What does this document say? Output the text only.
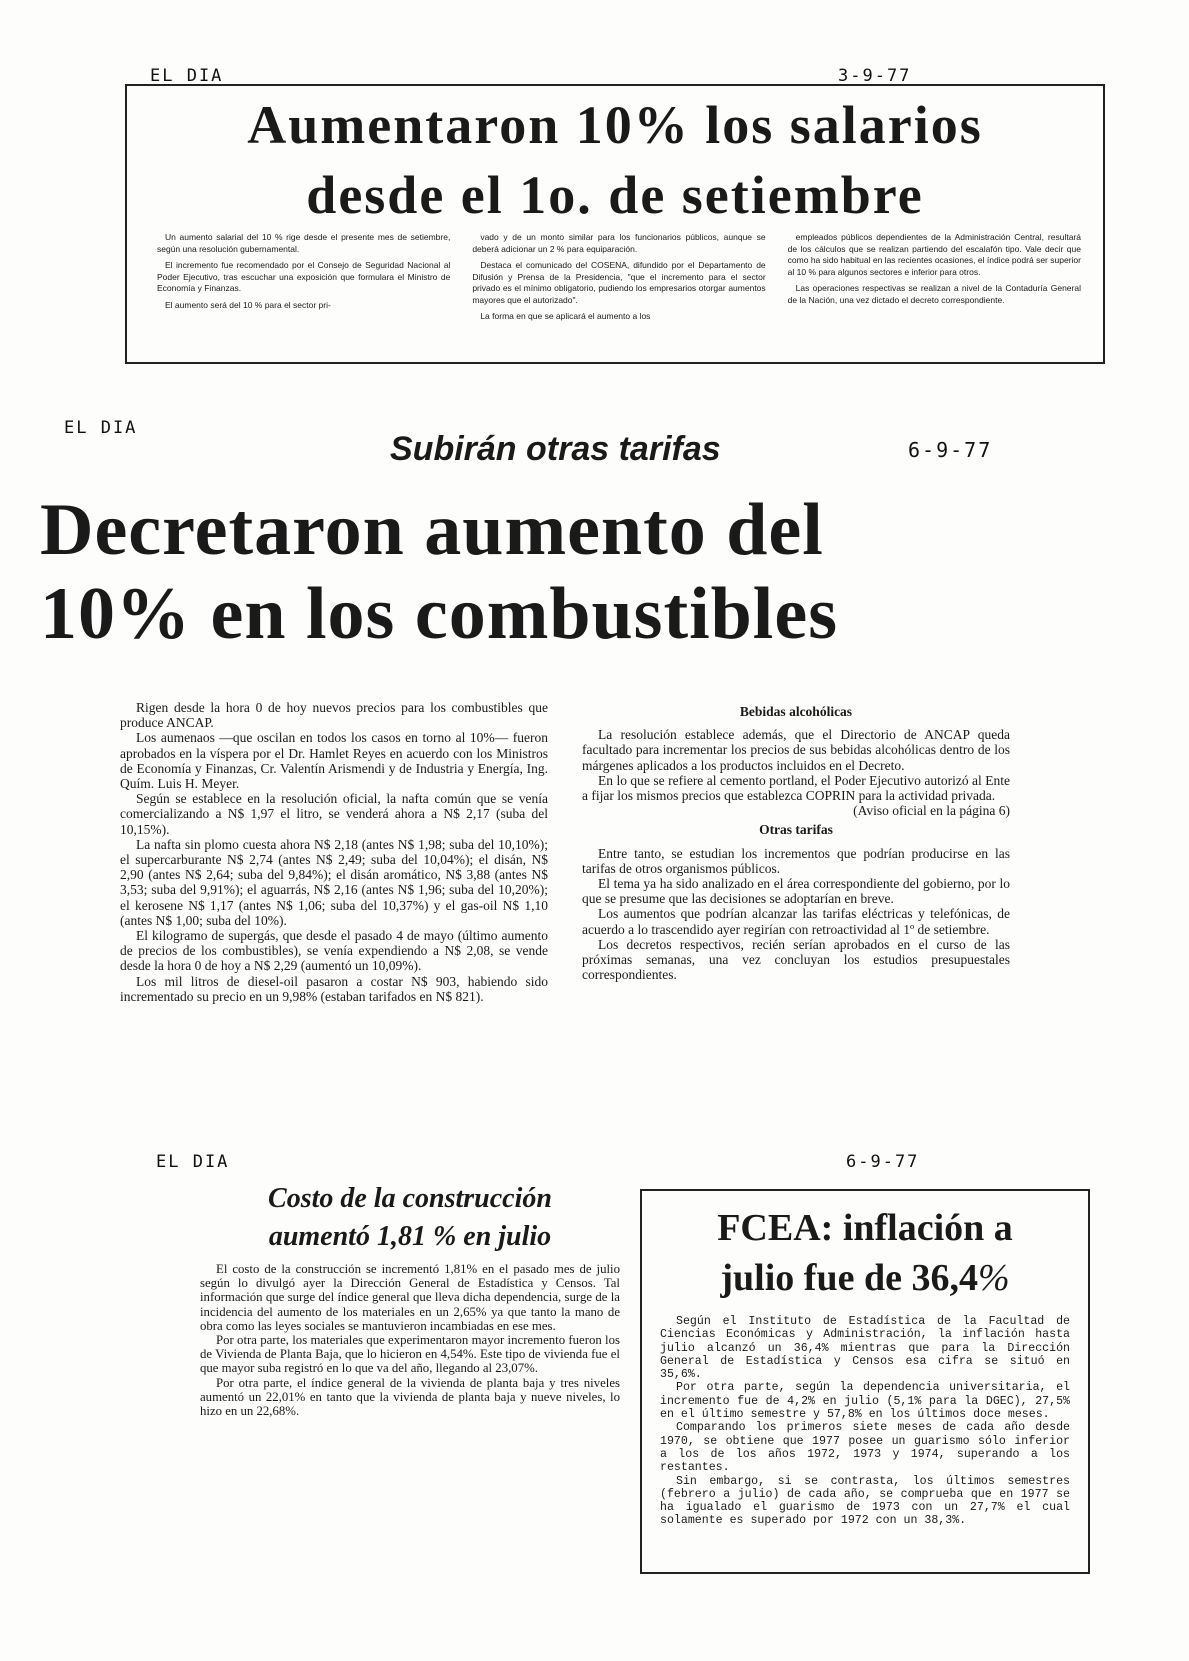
EL DIA	3-9-77
Aumentaron 10% los salarios
desde el 1o. de setiembre

Un aumento salarial del 10 % rige desde el presente mes de setiembre, según una resolución gubernamental.

El incremento fue recomendado por el Consejo de Seguridad Nacional al Poder Ejecutivo, tras escuchar una exposición que formulara el Ministro de Economía y Finanzas.

El aumento será del 10 % para el sector pri-

vado y de un monto similar para los funcionarios públicos, aunque se deberá adicionar un 2 % para equiparación.

Destaca el comunicado del COSENA, difundido por el Departamento de Difusión y Prensa de la Presidencia, "que el incremento para el sector privado es el mínimo obligatorio, pudiendo los empresarios otorgar aumentos mayores que el autorizado".

La forma en que se aplicará el aumento a los

empleados públicos dependientes de la Administración Central, resultará de los cálculos que se realizan partiendo del escalafón tipo. Vale decir que como ha sido habitual en las recientes ocasiones, el índice podrá ser superior al 10 % para algunos sectores e inferior para otros.

Las operaciones respectivas se realizan a nivel de la Contaduría General de la Nación, una vez dictado el decreto correspondiente.

EL DIA
6-9-77
Subirán otras tarifas
Decretaron aumento del
10% en los combustibles

Rigen desde la hora 0 de hoy nuevos precios para los combustibles que produce ANCAP.

Los aumenaos —que oscilan en todos los casos en torno al 10%— fueron aprobados en la víspera por el Dr. Hamlet Reyes en acuerdo con los Ministros de Economía y Finanzas, Cr. Valentín Arismendi y de Industria y Energía, Ing. Quím. Luis H. Meyer.

Según se establece en la resolución oficial, la nafta común que se venía comercializando a N$ 1,97 el litro, se venderá ahora a N$ 2,17 (suba del 10,15%).

La nafta sin plomo cuesta ahora N$ 2,18 (antes N$ 1,98; suba del 10,10%); el supercarburante N$ 2,74 (antes N$ 2,49; suba del 10,04%); el disán, N$ 2,90 (antes N$ 2,64; suba del 9,84%); el disán aromático, N$ 3,88 (antes N$ 3,53; suba del 9,91%); el aguarrás, N$ 2,16 (antes N$ 1,96; suba del 10,20%); el kerosene N$ 1,17 (antes N$ 1,06; suba del 10,37%) y el gas-oil N$ 1,10 (antes N$ 1,00; suba del 10%).

El kilogramo de supergás, que desde el pasado 4 de mayo (último aumento de precios de los combustibles), se venía expendiendo a N$ 2,08, se vende desde la hora 0 de hoy a N$ 2,29 (aumentó un 10,09%).

Los mil litros de diesel-oil pasaron a costar N$ 903, habiendo sido incrementado su precio en un 9,98% (estaban tarifados en N$ 821).

Bebidas alcohólicas

La resolución establece además, que el Directorio de ANCAP queda facultado para incrementar los precios de sus bebidas alcohólicas dentro de los márgenes aplicados a los productos incluidos en el Decreto.

En lo que se refiere al cemento portland, el Poder Ejecutivo autorizó al Ente a fijar los mismos precios que establezca COPRIN para la actividad privada.

(Aviso oficial en la página 6)

Otras tarifas

Entre tanto, se estudian los incrementos que podrían producirse en las tarifas de otros organismos públicos.

El tema ya ha sido analizado en el área correspondiente del gobierno, por lo que se presume que las decisiones se adoptarían en breve.

Los aumentos que podrían alcanzar las tarifas eléctricas y telefónicas, de acuerdo a lo trascendido ayer regirían con retroactividad al 1º de setiembre.

Los decretos respectivos, recién serían aprobados en el curso de las próximas semanas, una vez concluyan los estudios presupuestales correspondientes.

EL DIA
Costo de la construcción
aumentó 1,81 % en julio

El costo de la construcción se incrementó 1,81% en el pasado mes de julio según lo divulgó ayer la Dirección General de Estadística y Censos. Tal información que surge del índice general que lleva dicha dependencia, surge de la incidencia del aumento de los materiales en un 2,65% ya que tanto la mano de obra como las leyes sociales se mantuvieron incambiadas en ese mes.

Por otra parte, los materiales que experimentaron mayor incremento fueron los de Vivienda de Planta Baja, que lo hicieron en 4,54%. Este tipo de vivienda fue el que mayor suba registró en lo que va del año, llegando al 23,07%.

Por otra parte, el índice general de la vivienda de planta baja y tres niveles aumentó un 22,01% en tanto que la vivienda de planta baja y nueve niveles, lo hizo en un 22,68%.

6-9-77
FCEA: inflación a
julio fue de 36,4%

Según el Instituto de Estadística de la Facultad de Ciencias Económicas y Administración, la inflación hasta julio alcanzó un 36,4% mientras que para la Dirección General de Estadística y Censos esa cifra se situó en 35,6%.

Por otra parte, según la dependencia universitaria, el incremento fue de 4,2% en julio (5,1% para la DGEC), 27,5% en el último semestre y 57,8% en los últimos doce meses.

Comparando los primeros siete meses de cada año desde 1970, se obtiene que 1977 posee un guarismo sólo inferior a los de los años 1972, 1973 y 1974, superando a los restantes.

Sin embargo, si se contrasta, los últimos semestres (febrero a julio) de cada año, se comprueba que en 1977 se ha igualado el guarismo de 1973 con un 27,7% el cual solamente es superado por 1972 con un 38,3%.
